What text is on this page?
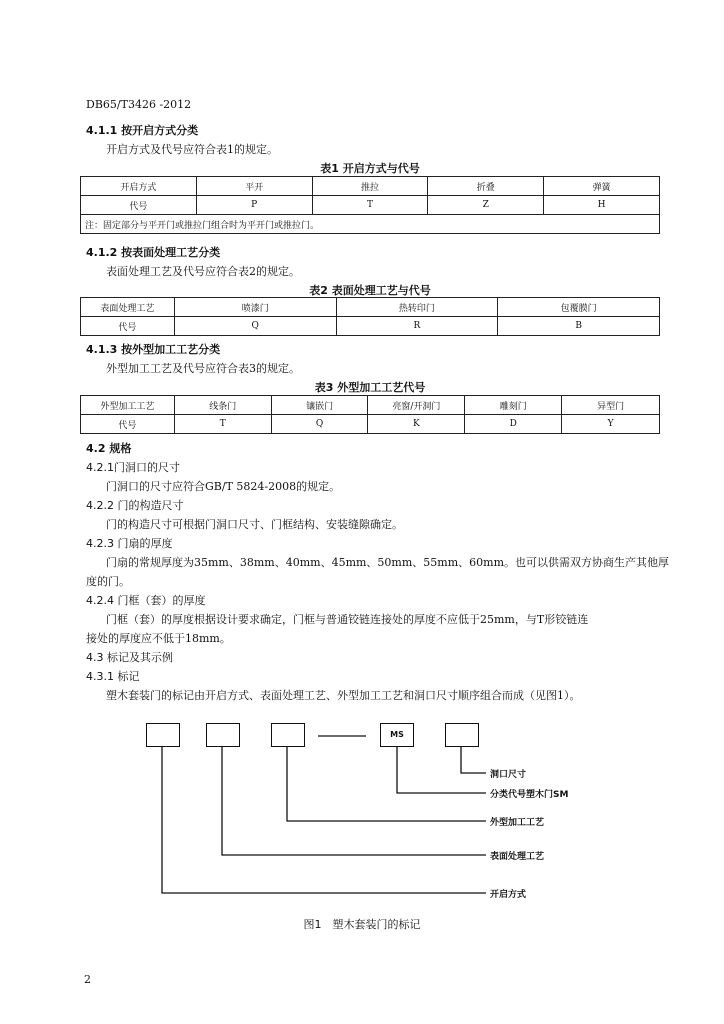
DB65/T3426 -2012
4.1.1 按开启方式分类
开启方式及代号应符合表1的规定。
表1 开启方式与代号
开启方式	平开	推拉	折叠	弹簧
代号	P	T	Z	H
注：固定部分与平开门或推拉门组合时为平开门或推拉门。				
4.1.2 按表面处理工艺分类
表面处理工艺及代号应符合表2的规定。
表2 表面处理工艺与代号
表面处理工艺	喷漆门	热转印门	包覆膜门
代号	Q	R	B
4.1.3 按外型加工工艺分类
外型加工工艺及代号应符合表3的规定。
表3 外型加工工艺代号
外型加工工艺	线条门	镶嵌门	亮窗/开洞门	雕刻门	异型门
代号	T	Q	K	D	Y
4.2 规格
4.2.1门洞口的尺寸
门洞口的尺寸应符合GB/T 5824-2008的规定。
4.2.2 门的构造尺寸
门的构造尺寸可根据门洞口尺寸、门框结构、安装缝隙确定。
4.2.3 门扇的厚度
门扇的常规厚度为35mm、38mm、40mm、45mm、50mm、55mm、60mm。也可以供需双方协商生产其他厚
度的门。
4.2.4 门框（套）的厚度
门框（套）的厚度根据设计要求确定，门框与普通铰链连接处的厚度不应低于25mm，与T形铰链连
接处的厚度应不低于18mm。
4.3 标记及其示例
4.3.1 标记
塑木套装门的标记由开启方式、表面处理工艺、外型加工工艺和洞口尺寸顺序组合而成（见图1）。
MS
洞口尺寸
分类代号塑木门SM
外型加工工艺
表面处理工艺
开启方式
图1　塑木套装门的标记
2
